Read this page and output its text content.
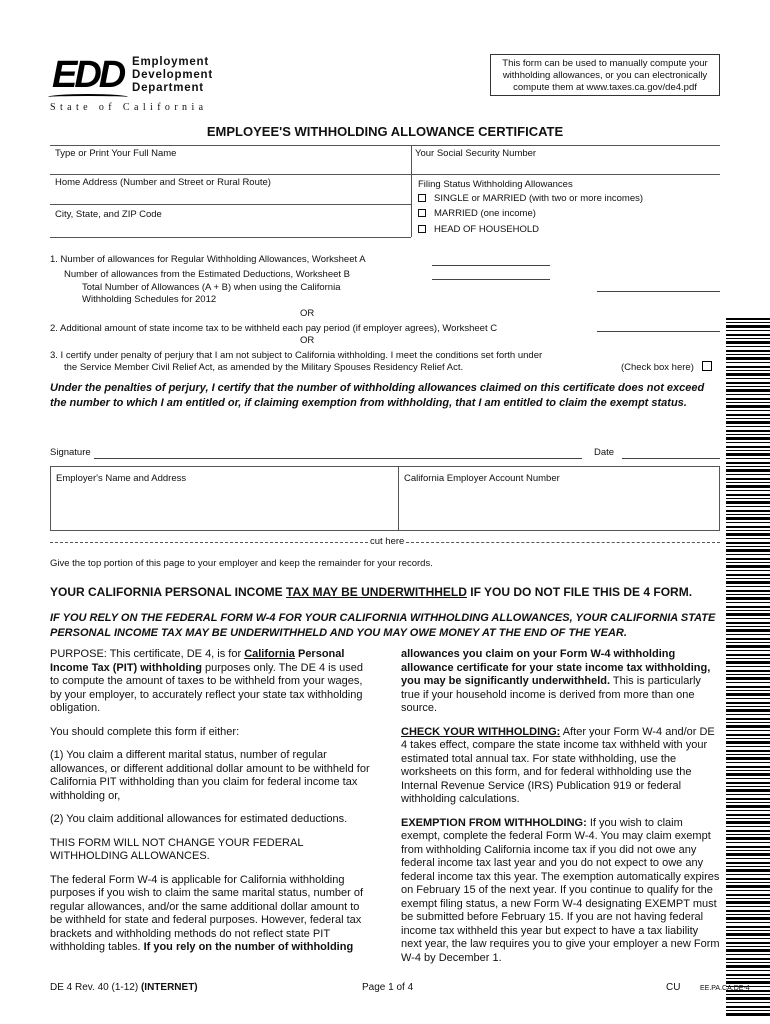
EDD Employment
Development
Department
State of California
This form can be used to manually compute your withholding allowances, or you can electronically compute them at www.taxes.ca.gov/de4.pdf
EMPLOYEE'S WITHHOLDING ALLOWANCE CERTIFICATE
Type or Print Your Full Name	Your Social Security Number
Home Address (Number and Street or Rural Route)
City, State, and ZIP Code
Filing Status Withholding Allowances
SINGLE or MARRIED (with two or more incomes)
MARRIED (one income)
HEAD OF HOUSEHOLD
1. Number of allowances for Regular Withholding Allowances, Worksheet A
Number of allowances from the Estimated Deductions, Worksheet B
Total Number of Allowances (A + B) when using the California
Withholding Schedules for 2012
OR
2. Additional amount of state income tax to be withheld each pay period (if employer agrees), Worksheet C
OR
3. I certify under penalty of perjury that I am not subject to California withholding. I meet the conditions set forth under
the Service Member Civil Relief Act, as amended by the Military Spouses Residency Relief Act.	(Check box here)
Under the penalties of perjury, I certify that the number of withholding allowances claimed on this certificate does not exceed the number to which I am entitled or, if claiming exemption from withholding, that I am entitled to claim the exempt status.
Signature	Date
Employer's Name and Address	California Employer Account Number
cut here
Give the top portion of this page to your employer and keep the remainder for your records.
YOUR CALIFORNIA PERSONAL INCOME TAX MAY BE UNDERWITHHELD IF YOU DO NOT FILE THIS DE 4 FORM.
IF YOU RELY ON THE FEDERAL FORM W-4 FOR YOUR CALIFORNIA WITHHOLDING ALLOWANCES, YOUR CALIFORNIA STATE PERSONAL INCOME TAX MAY BE UNDERWITHHELD AND YOU MAY OWE MONEY AT THE END OF THE YEAR.

PURPOSE: This certificate, DE 4, is for California Personal Income Tax (PIT) withholding purposes only. The DE 4 is used to compute the amount of taxes to be withheld from your wages, by your employer, to accurately reflect your state tax withholding obligation.

You should complete this form if either:

(1) You claim a different marital status, number of regular allowances, or different additional dollar amount to be withheld for California PIT withholding than you claim for federal income tax withholding or,

(2) You claim additional allowances for estimated deductions.

THIS FORM WILL NOT CHANGE YOUR FEDERAL WITHHOLDING ALLOWANCES.

The federal Form W-4 is applicable for California withholding purposes if you wish to claim the same marital status, number of regular allowances, and/or the same additional dollar amount to be withheld for state and federal purposes. However, federal tax brackets and withholding methods do not reflect state PIT withholding tables. If you rely on the number of withholding

allowances you claim on your Form W-4 withholding allowance certificate for your state income tax withholding, you may be significantly underwithheld. This is particularly true if your household income is derived from more than one source.

CHECK YOUR WITHHOLDING: After your Form W-4 and/or DE 4 takes effect, compare the state income tax withheld with your estimated total annual tax. For state withholding, use the worksheets on this form, and for federal withholding use the Internal Revenue Service (IRS) Publication 919 or federal withholding calculations.

EXEMPTION FROM WITHHOLDING: If you wish to claim exempt, complete the federal Form W-4. You may claim exempt from withholding California income tax if you did not owe any federal income tax last year and you do not expect to owe any federal income tax this year. The exemption automatically expires on February 15 of the next year. If you continue to qualify for the exempt filing status, a new Form W-4 designating EXEMPT must be submitted before February 15. If you are not having federal income tax withheld this year but expect to have a tax liability next year, the law requires you to give your employer a new Form W-4 by December 1.

DE 4 Rev. 40 (1-12) (INTERNET)	Page 1 of 4	CU	EE.PA.CA.DE-4
